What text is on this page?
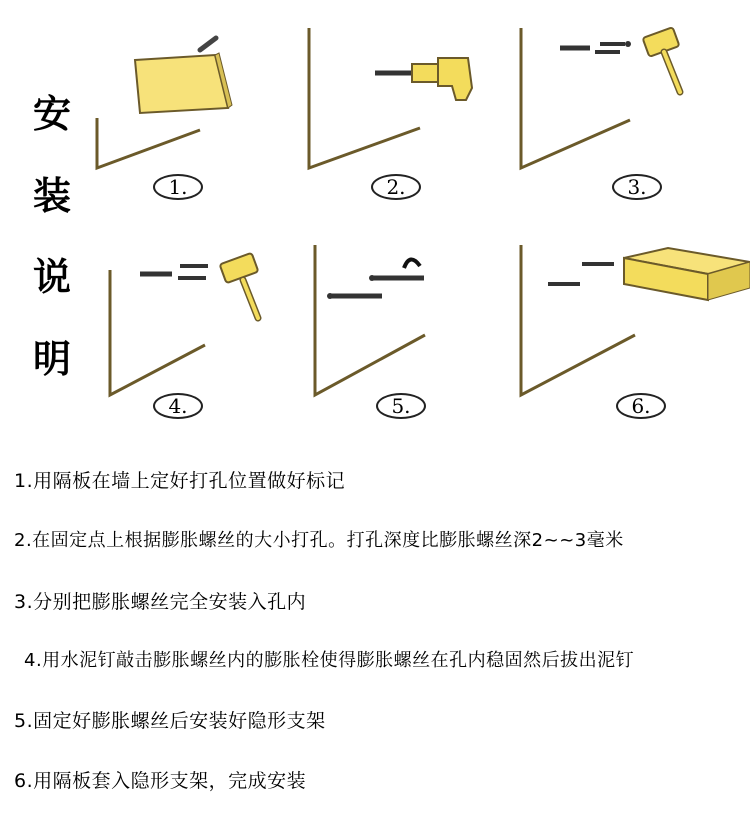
安
装
说
明
1.	2.	3.
4.	5.	6.
1.用隔板在墙上定好打孔位置做好标记
2.在固定点上根据膨胀螺丝的大小打孔。打孔深度比膨胀螺丝深2~~3毫米
3.分别把膨胀螺丝完全安装入孔内
4.用水泥钉敲击膨胀螺丝内的膨胀栓使得膨胀螺丝在孔内稳固然后拔出泥钉
5.固定好膨胀螺丝后安装好隐形支架
6.用隔板套入隐形支架，完成安装
